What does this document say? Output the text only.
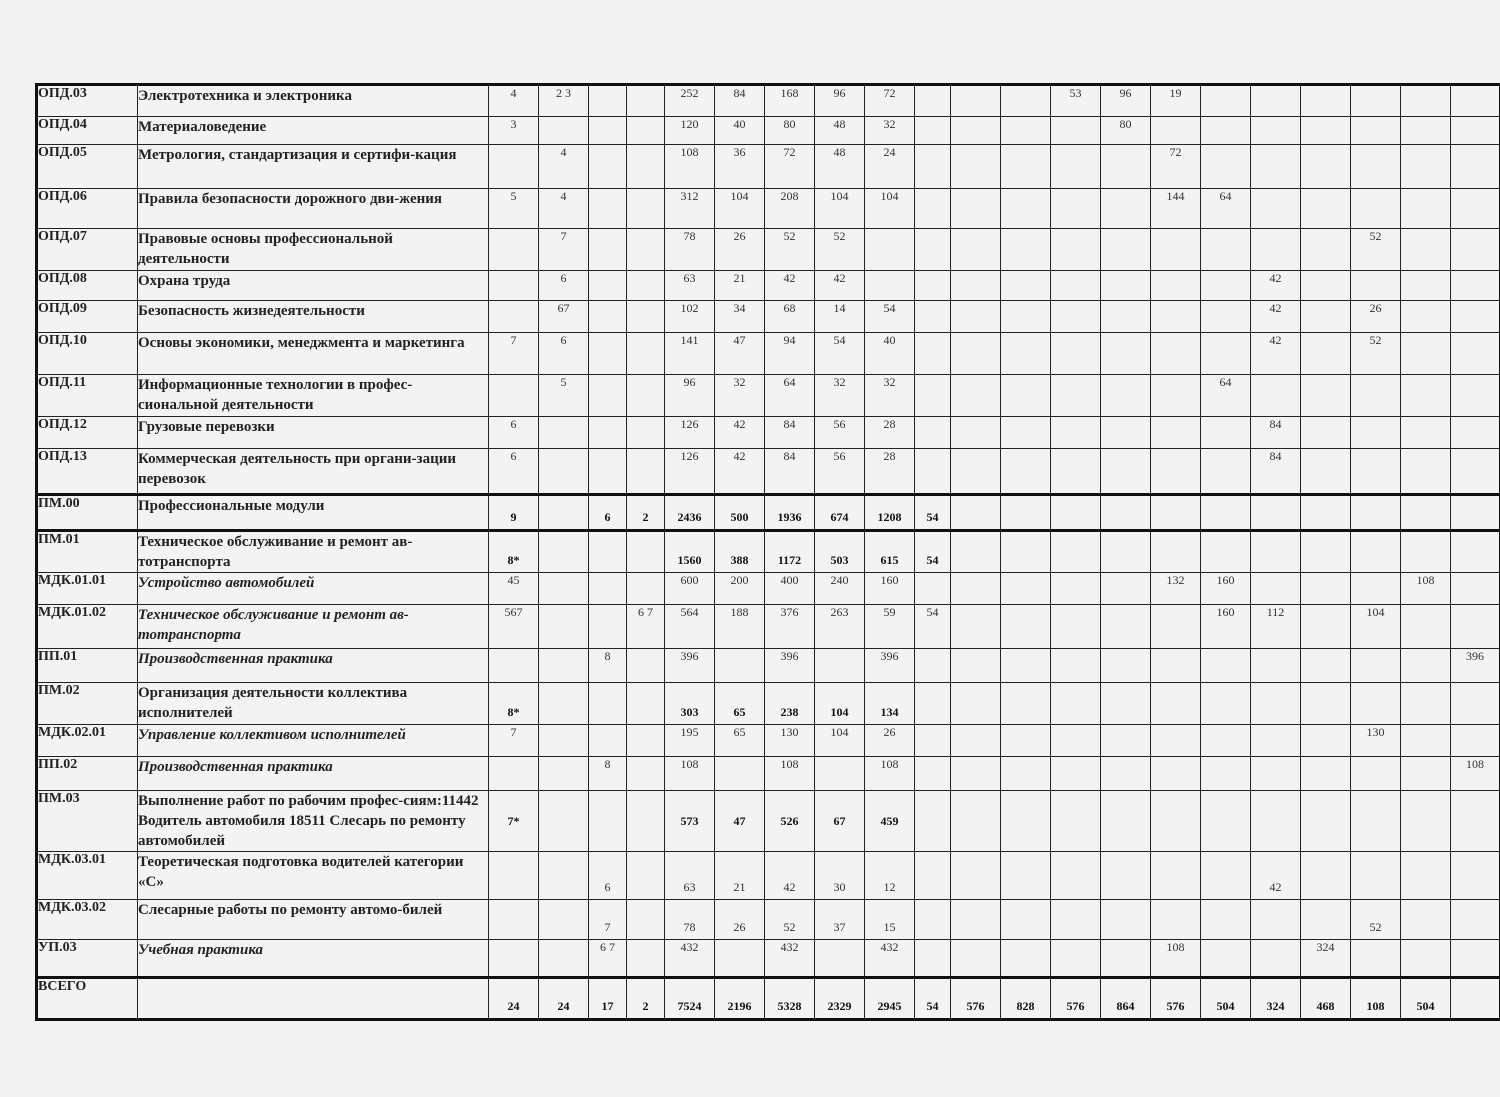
ОПД.03	Электротехника и электроника	4	2 3			252	84	168	96	72				53	96	19						
ОПД.04	Материаловедение	3				120	40	80	48	32					80							
ОПД.05	Метрология, стандартизация и сертифи-кация		4			108	36	72	48	24						72						
ОПД.06	Правила безопасности дорожного дви-жения	5	4			312	104	208	104	104						144	64					
ОПД.07	Правовые основы профессиональной деятельности		7			78	26	52	52											52		
ОПД.08	Охрана труда		6			63	21	42	42									42				
ОПД.09	Безопасность жизнедеятельности		67			102	34	68	14	54								42		26		
ОПД.10	Основы экономики, менеджмента и маркетинга	7	6			141	47	94	54	40								42		52		
ОПД.11	Информационные технологии в профес-сиональной деятельности		5			96	32	64	32	32							64					
ОПД.12	Грузовые перевозки	6				126	42	84	56	28								84				
ОПД.13	Коммерческая деятельность при органи-зации перевозок	6				126	42	84	56	28								84				
ПМ.00	Профессиональные модули	9		6	2	2436	500	1936	674	1208	54											
ПМ.01	Техническое обслуживание и ремонт ав-тотранспорта	8*				1560	388	1172	503	615	54											
МДК.01.01	Устройство автомобилей	45				600	200	400	240	160						132	160				108	
МДК.01.02	Техническое обслуживание и ремонт ав-тотранспорта	567			6 7	564	188	376	263	59	54						160	112		104		
ПП.01	Производственная практика			8		396		396		396												396
ПМ.02	Организация деятельности коллектива исполнителей	8*				303	65	238	104	134												
МДК.02.01	Управление коллективом исполнителей	7				195	65	130	104	26										130		
ПП.02	Производственная практика			8		108		108		108												108
ПМ.03	Выполнение работ по рабочим профес-сиям:11442 Водитель автомобиля 18511 Слесарь по ремонту автомобилей	7*				573	47	526	67	459												
МДК.03.01	Теоретическая подготовка водителей категории «С»			6		63	21	42	30	12								42				
МДК.03.02	Слесарные работы по ремонту автомо-билей			7		78	26	52	37	15										52		
УП.03	Учебная практика			6 7		432		432		432						108			324			
ВСЕГО		24	24	17	2	7524	2196	5328	2329	2945	54	576	828	576	864	576	504	324	468	108	504	
